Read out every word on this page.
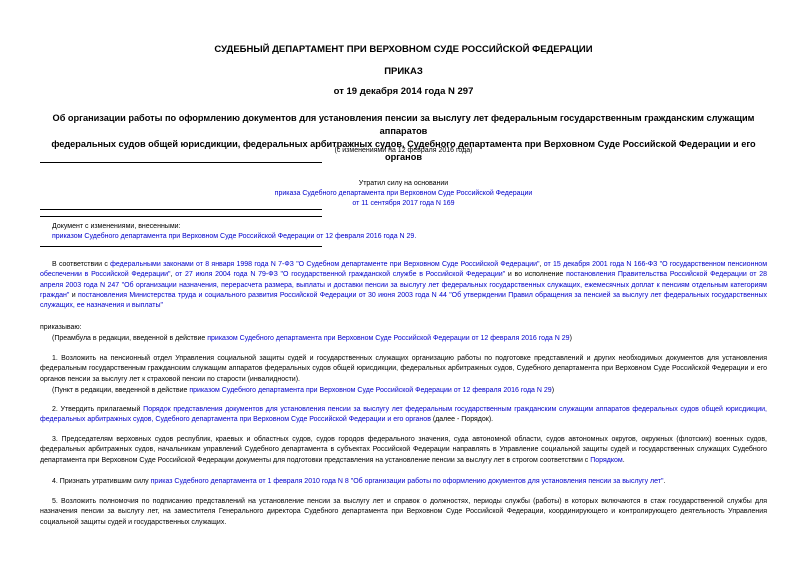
СУДЕБНЫЙ ДЕПАРТАМЕНТ ПРИ ВЕРХОВНОМ СУДЕ РОССИЙСКОЙ ФЕДЕРАЦИИ
ПРИКАЗ
от 19 декабря 2014 года N 297
Об организации работы по оформлению документов для установления пенсии за выслугу лет федеральным государственным гражданским служащим аппаратов
федеральных судов общей юрисдикции, федеральных арбитражных судов, Судебного департамента при Верховном Суде Российской Федерации и его органов
(с изменениями на 12 февраля 2016 года)
Утратил силу на основании
приказа Судебного департамента при Верховном Суде Российской Федерации
от 11 сентября 2017 года N 169
Документ с изменениями, внесенными:
приказом Судебного департамента при Верховном Суде Российской Федерации от 12 февраля 2016 года N 29.
В соответствии с федеральными законами от 8 января 1998 года N 7-ФЗ "О Судебном департаменте при Верховном Суде Российской Федерации", от 15 декабря 2001 года N 166-ФЗ "О государственном пенсионном обеспечении в Российской Федерации", от 27 июля 2004 года N 79-ФЗ "О государственной гражданской службе в Российской Федерации" и во исполнение постановления Правительства Российской Федерации от 28 апреля 2003 года N 247 "Об организации назначения, перерасчета размера, выплаты и доставки пенсии за выслугу лет федеральных государственных служащих, ежемесячных доплат к пенсиям отдельным категориям граждан" и постановления Министерства труда и социального развития Российской Федерации от 30 июня 2003 года N 44 "Об утверждении Правил обращения за пенсией за выслугу лет федеральных государственных служащих, ее назначения и выплаты"
приказываю:
(Преамбула в редакции, введенной в действие приказом Судебного департамента при Верховном Суде Российской Федерации от 12 февраля 2016 года N 29)
1. Возложить на пенсионный отдел Управления социальной защиты судей и государственных служащих организацию работы по подготовке представлений и других необходимых документов для установления федеральным государственным гражданским служащим аппаратов федеральных судов общей юрисдикции, федеральных арбитражных судов, Судебного департамента при Верховном Суде Российской Федерации и его органов пенсии за выслугу лет к страховой пенсии по старости (инвалидности).
(Пункт в редакции, введенной в действие приказом Судебного департамента при Верховном Суде Российской Федерации от 12 февраля 2016 года N 29)
2. Утвердить прилагаемый Порядок представления документов для установления пенсии за выслугу лет федеральным государственным гражданским служащим аппаратов федеральных судов общей юрисдикции, федеральных арбитражных судов, Судебного департамента при Верховном Суде Российской Федерации и его органов (далее - Порядок).
3. Председателям верховных судов республик, краевых и областных судов, судов городов федерального значения, суда автономной области, судов автономных округов, окружных (флотских) военных судов, федеральных арбитражных судов, начальникам управлений Судебного департамента в субъектах Российской Федерации направлять в Управление социальной защиты судей и государственных служащих Судебного департамента при Верховном Суде Российской Федерации документы для подготовки представления на установление пенсии за выслугу лет в строгом соответствии с Порядком.
4. Признать утратившим силу приказ Судебного департамента от 1 февраля 2010 года N 8 "Об организации работы по оформлению документов для установления пенсии за выслугу лет".
5. Возложить полномочия по подписанию представлений на установление пенсии за выслугу лет и справок о должностях, периоды службы (работы) в которых включаются в стаж государственной службы для назначения пенсии за выслугу лет, на заместителя Генерального директора Судебного департамента при Верховном Суде Российской Федерации, координирующего и контролирующего деятельность Управления социальной защиты судей и государственных служащих.
